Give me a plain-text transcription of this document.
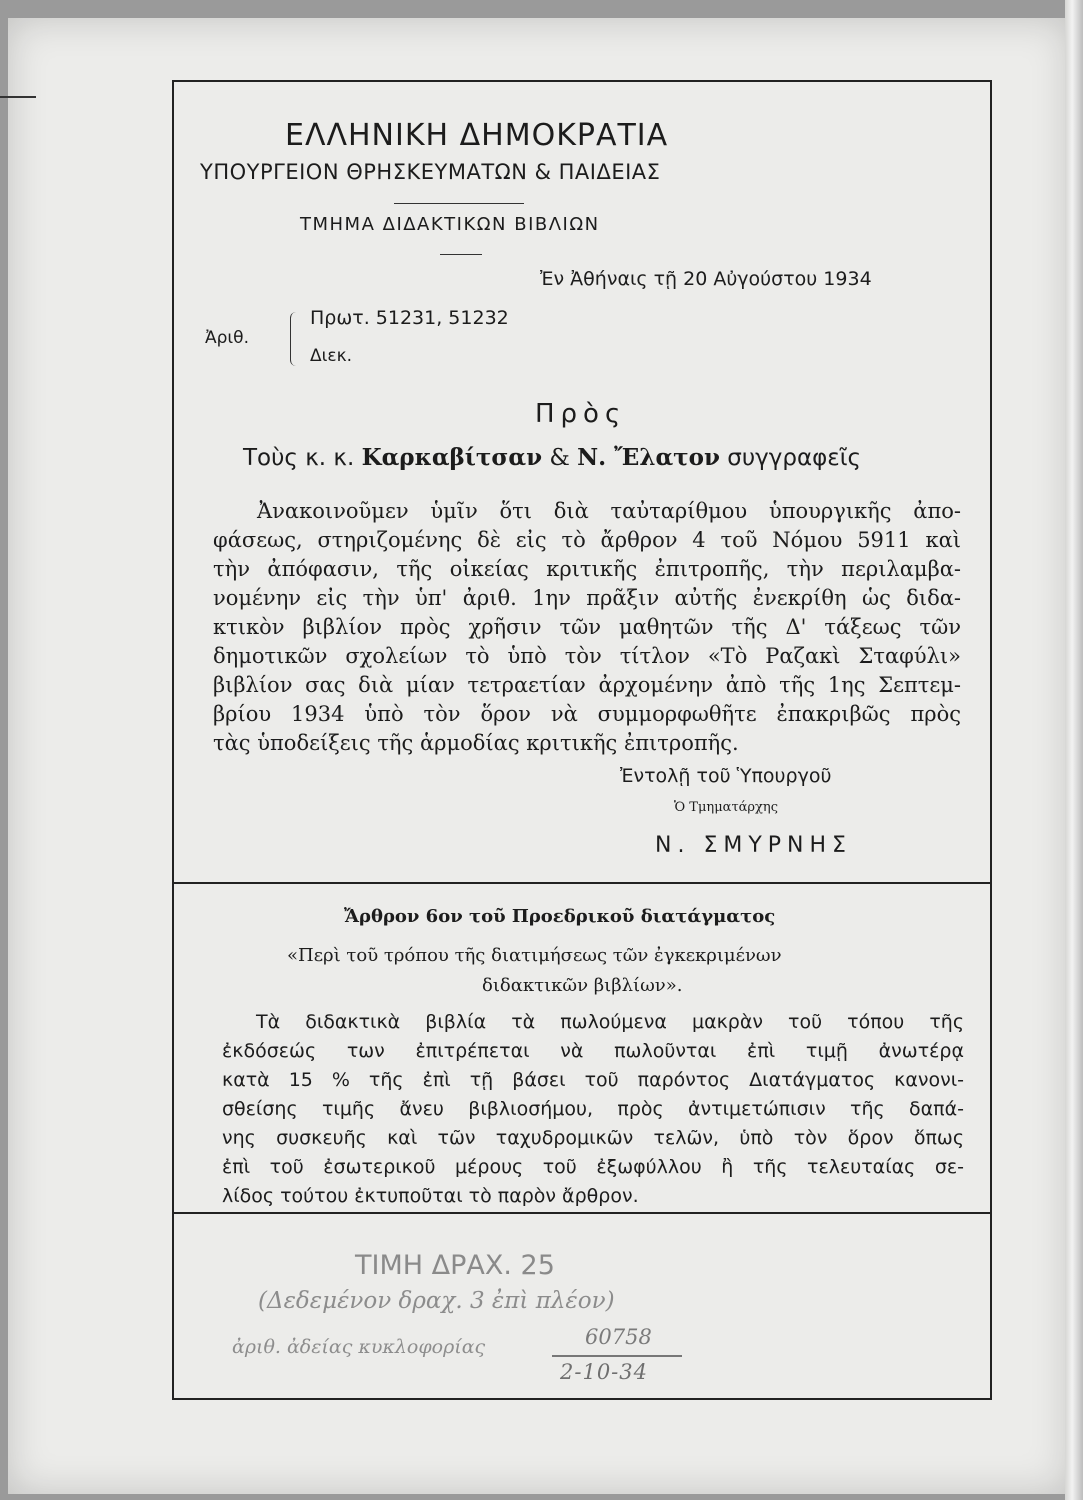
ΕΛΛΗΝΙΚΗ ΔΗΜΟΚΡΑΤΙΑ
ΥΠΟΥΡΓΕΙΟΝ ΘΡΗΣΚΕΥΜΑΤΩΝ & ΠΑΙΔΕΙΑΣ
ΤΜΗΜΑ ΔΙΔΑΚΤΙΚΩΝ ΒΙΒΛΙΩΝ
Ἐν Ἀθήναις τῇ 20 Αὐγούστου 1934
Ἀριθ.
Πρωτ. 51231, 51232
Διεκ.
Πρὸς
Τοὺς κ. κ. Καρκαβίτσαν & Ν. Ἔλατον συγγραφεῖς
Ἀνακοινοῦμεν ὑμῖν ὅτι διὰ ταὐταρίθμου ὑπουργικῆς ἀπο-
φάσεως, στηριζομένης δὲ εἰς τὸ ἄρθρον 4 τοῦ Νόμου 5911 καὶ
τὴν ἀπόφασιν, τῆς οἰκείας κριτικῆς ἐπιτροπῆς, τὴν περιλαμβα-
νομένην εἰς τὴν ὑπ' ἀριθ. 1ην πρᾶξιν αὐτῆς ἐνεκρίθη ὡς διδα-
κτικὸν βιβλίον πρὸς χρῆσιν τῶν μαθητῶν τῆς Δ' τάξεως τῶν
δημοτικῶν σχολείων τὸ ὑπὸ τὸν τίτλον «Τὸ Ραζακὶ Σταφύλι»
βιβλίον σας διὰ μίαν τετραετίαν ἀρχομένην ἀπὸ τῆς 1ης Σεπτεμ-
βρίου 1934 ὑπὸ τὸν ὅρον νὰ συμμορφωθῆτε ἐπακριβῶς πρὸς
τὰς ὑποδείξεις τῆς ἁρμοδίας κριτικῆς ἐπιτροπῆς.
Ἐντολῇ τοῦ Ὑπουργοῦ
Ὁ Τμηματάρχης
Ν. ΣΜΥΡΝΗΣ
Ἄρθρον 6ον τοῦ Προεδρικοῦ διατάγματος
«Περὶ τοῦ τρόπου τῆς διατιμήσεως τῶν ἐγκεκριμένων
διδακτικῶν βιβλίων».
Τὰ διδακτικὰ βιβλία τὰ πωλούμενα μακρὰν τοῦ τόπου τῆς
ἐκδόσεώς των ἐπιτρέπεται νὰ πωλοῦνται ἐπὶ τιμῇ ἀνωτέρᾳ
κατὰ 15 % τῆς ἐπὶ τῇ βάσει τοῦ παρόντος Διατάγματος κανονι-
σθείσης τιμῆς ἄνευ βιβλιοσήμου, πρὸς ἀντιμετώπισιν τῆς δαπά-
νης συσκευῆς καὶ τῶν ταχυδρομικῶν τελῶν, ὑπὸ τὸν ὅρον ὅπως
ἐπὶ τοῦ ἐσωτερικοῦ μέρους τοῦ ἐξωφύλλου ἢ τῆς τελευταίας σε-
λίδος τούτου ἐκτυποῦται τὸ παρὸν ἄρθρον.
ΤΙΜΗ ΔΡΑΧ. 25
(Δεδεμένον δραχ. 3 ἐπὶ πλέον)
ἀριθ. ἀδείας κυκλοφορίας	60758
2-10-34
